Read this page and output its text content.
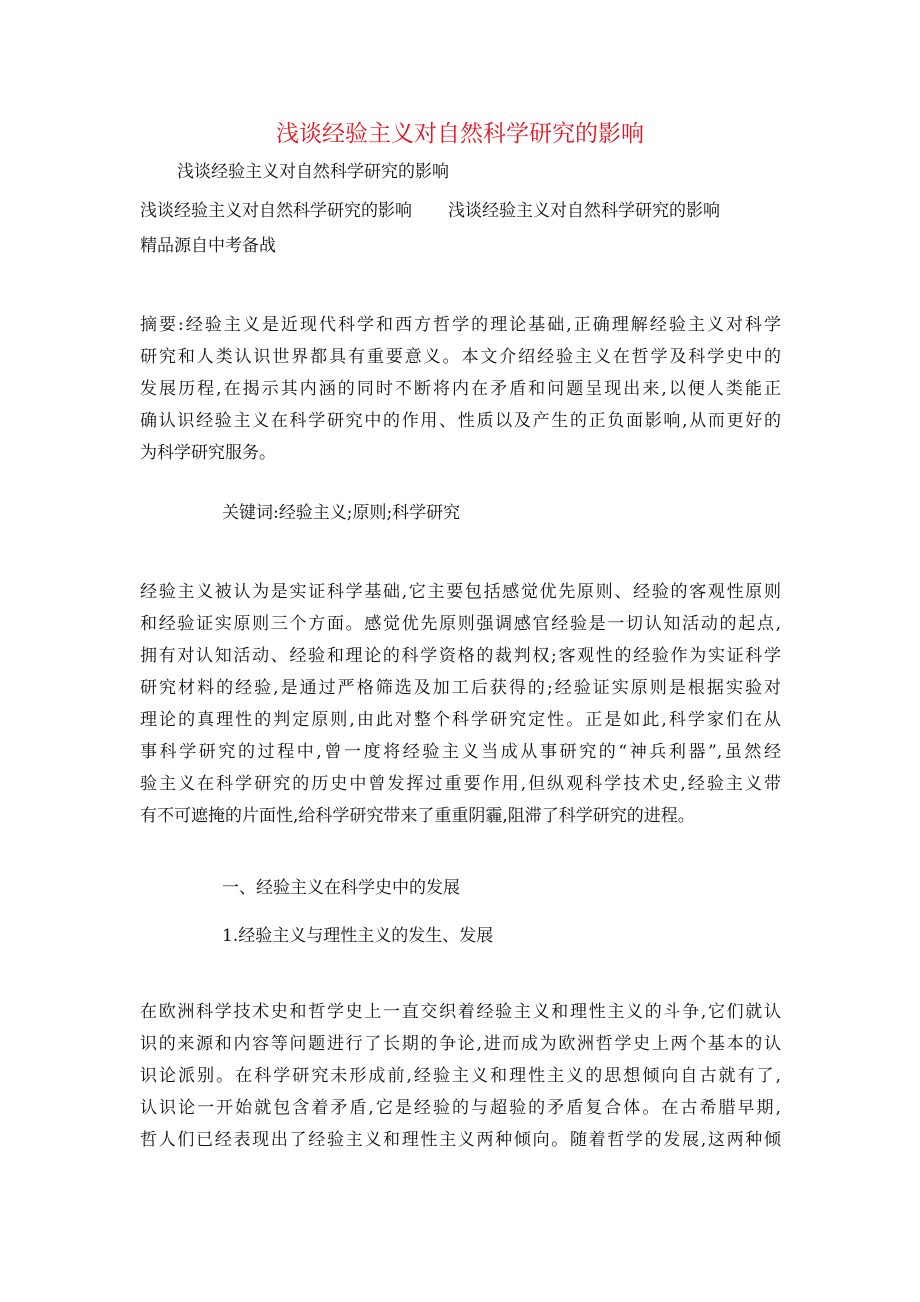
浅谈经验主义对自然科学研究的影响
浅谈经验主义对自然科学研究的影响
浅谈经验主义对自然科学研究的影响 浅谈经验主义对自然科学研究的影响
精品源自中考备战
摘要:经验主义是近现代科学和西方哲学的理论基础,正确理解经验主义对科学
研究和人类认识世界都具有重要意义。本文介绍经验主义在哲学及科学史中的
发展历程,在揭示其内涵的同时不断将内在矛盾和问题呈现出来,以便人类能正
确认识经验主义在科学研究中的作用、性质以及产生的正负面影响,从而更好的
为科学研究服务。
关键词:经验主义;原则;科学研究
经验主义被认为是实证科学基础,它主要包括感觉优先原则、经验的客观性原则
和经验证实原则三个方面。感觉优先原则强调感官经验是一切认知活动的起点,
拥有对认知活动、经验和理论的科学资格的裁判权;客观性的经验作为实证科学
研究材料的经验,是通过严格筛选及加工后获得的;经验证实原则是根据实验对
理论的真理性的判定原则,由此对整个科学研究定性。正是如此,科学家们在从
事科学研究的过程中,曾一度将经验主义当成从事研究的“神兵利器”,虽然经
验主义在科学研究的历史中曾发挥过重要作用,但纵观科学技术史,经验主义带
有不可遮掩的片面性,给科学研究带来了重重阴霾,阻滞了科学研究的进程。
一、经验主义在科学史中的发展
1.经验主义与理性主义的发生、发展
在欧洲科学技术史和哲学史上一直交织着经验主义和理性主义的斗争,它们就认
识的来源和内容等问题进行了长期的争论,进而成为欧洲哲学史上两个基本的认
识论派别。在科学研究未形成前,经验主义和理性主义的思想倾向自古就有了,
认识论一开始就包含着矛盾,它是经验的与超验的矛盾复合体。在古希腊早期,
哲人们已经表现出了经验主义和理性主义两种倾向。随着哲学的发展,这两种倾
